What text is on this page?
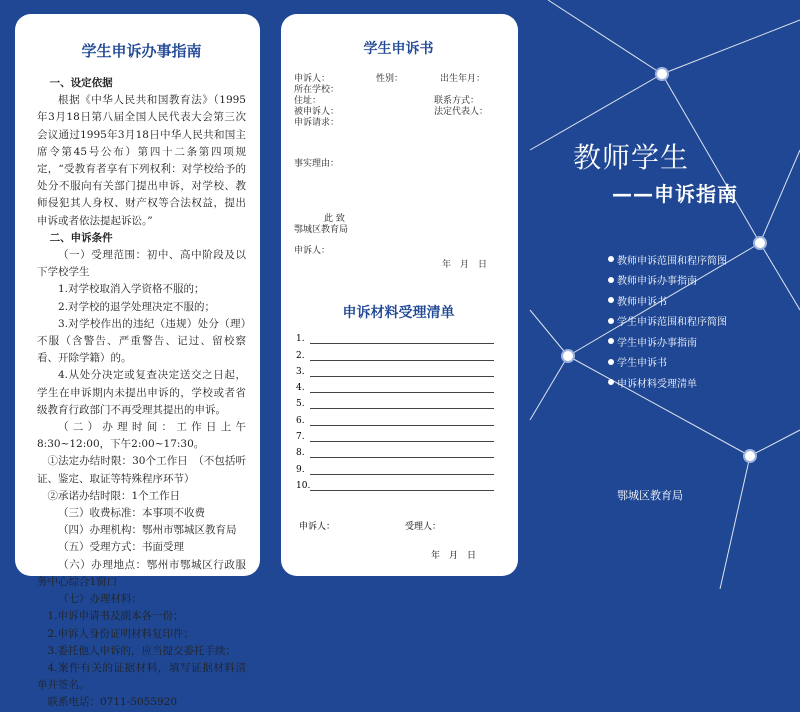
学生申诉办事指南

一、设定依据

根据《中华人民共和国教育法》（1995年3月18日第八届全国人民代表大会第三次会议通过1995年3月18日中华人民共和国主席令第45号公布）第四十二条第四项规定，“受教育者享有下列权利：对学校给予的处分不服向有关部门提出申诉，对学校、教师侵犯其人身权、财产权等合法权益，提出申诉或者依法提起诉讼。”

二、申诉条件

（一）受理范围：初中、高中阶段及以下学校学生

1.对学校取消入学资格不服的；

2.对学校的退学处理决定不服的；

3.对学校作出的违纪（违规）处分（理）不服（含警告、严重警告、记过、留校察看、开除学籍）的。

4.从处分决定或复查决定送交之日起，学生在申诉期内未提出申诉的，学校或者省级教育行政部门不再受理其提出的申诉。

（二）办理时间：工作日上午8:30~12:00，下午2:00~17:30。

①法定办结时限：30个工作日　（不包括听证、鉴定、取证等特殊程序环节）

②承诺办结时限：1个工作日

（三）收费标准：本事项不收费

（四）办理机构：鄂州市鄂城区教育局

（五）受理方式：书面受理

（六）办理地点：鄂州市鄂城区行政服务中心综合1窗口

（七）办理材料：

1.申诉申请书及副本各一份；

2.申诉人身份证明材料复印件；

3.委托他人申诉的，应当提交委托手续；

4.案件有关的证据材料，填写证据材料清单并签名。

联系电话：0711-5055920

学生申诉书
申诉人：	性别：	出生年月：
所在学校：
住址：	联系方式：
被申诉人：	法定代表人：
申诉请求：
事实理由：
此 致
鄂城区教育局
申诉人：
年　月　日
申诉材料受理清单
1.
2.
3.
4.
5.
6.
7.
8.
9.
10.
申诉人：	受理人：
年　月　日
教师学生
——申诉指南
教师申诉范围和程序简图
教师申诉办事指南
教师申诉书
学生申诉范围和程序简图
学生申诉办事指南
学生申诉书
申诉材料受理清单
鄂城区教育局
